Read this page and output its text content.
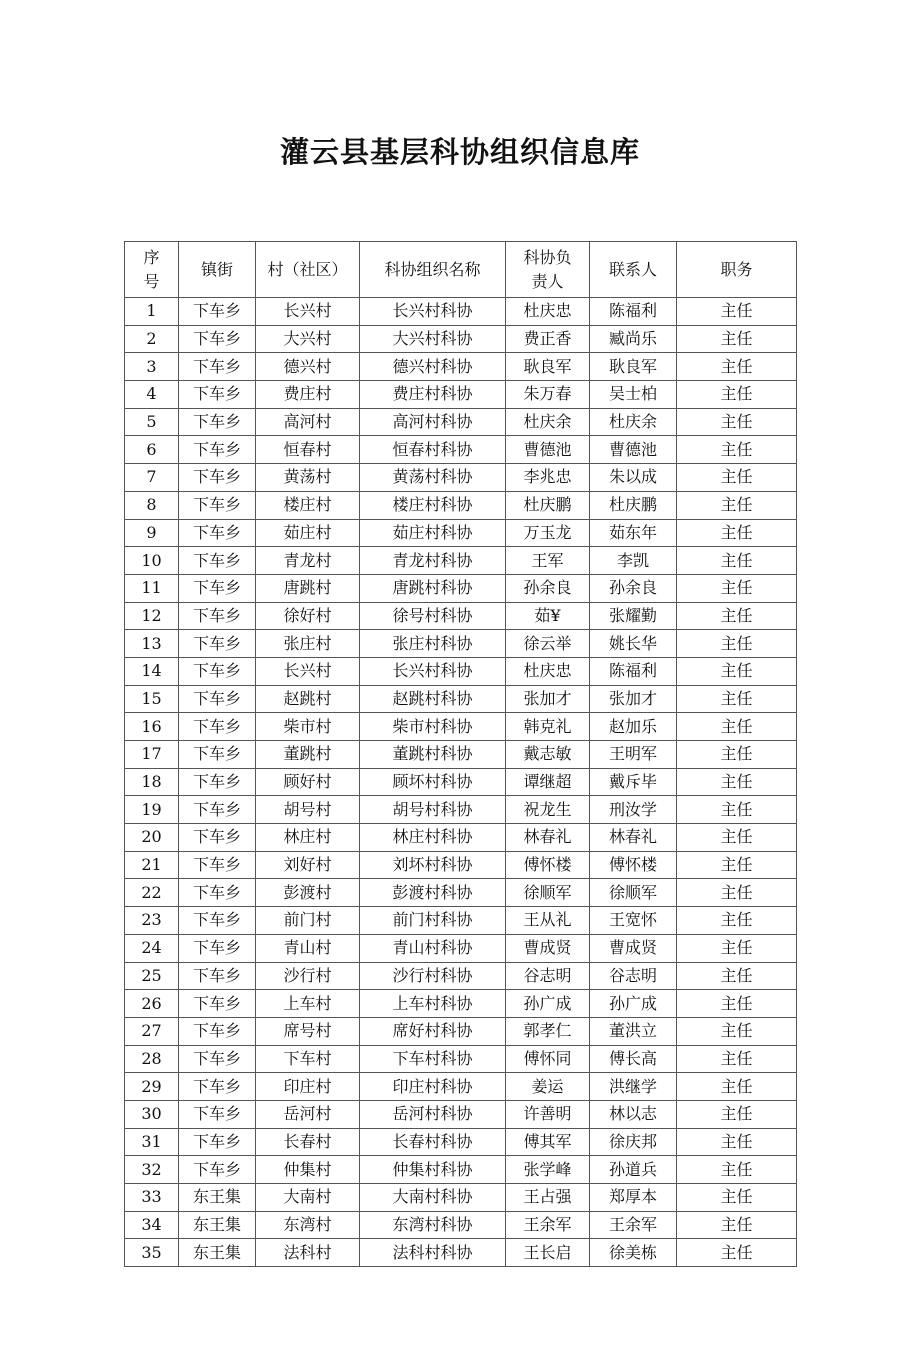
灌云县基层科协组织信息库
序号	镇街	村（社区）	科协组织名称	科协负责人	联系人	职务
1	下车乡	长兴村	长兴村科协	杜庆忠	陈福利	主任
2	下车乡	大兴村	大兴村科协	费正香	臧尚乐	主任
3	下车乡	德兴村	德兴村科协	耿良军	耿良军	主任
4	下车乡	费庄村	费庄村科协	朱万春	吴士柏	主任
5	下车乡	高河村	高河村科协	杜庆余	杜庆余	主任
6	下车乡	恒春村	恒春村科协	曹德池	曹德池	主任
7	下车乡	黄荡村	黄荡村科协	李兆忠	朱以成	主任
8	下车乡	楼庄村	楼庄村科协	杜庆鹏	杜庆鹏	主任
9	下车乡	茹庄村	茹庄村科协	万玉龙	茹东年	主任
10	下车乡	青龙村	青龙村科协	王军	李凯	主任
11	下车乡	唐跳村	唐跳村科协	孙余良	孙余良	主任
12	下车乡	徐好村	徐号村科协	茹¥	张耀勤	主任
13	下车乡	张庄村	张庄村科协	徐云举	姚长华	主任
14	下车乡	长兴村	长兴村科协	杜庆忠	陈福利	主任
15	下车乡	赵跳村	赵跳村科协	张加才	张加才	主任
16	下车乡	柴市村	柴市村科协	韩克礼	赵加乐	主任
17	下车乡	董跳村	董跳村科协	戴志敏	王明军	主任
18	下车乡	顾好村	顾坏村科协	谭继超	戴斥毕	主任
19	下车乡	胡号村	胡号村科协	祝龙生	刑汝学	主任
20	下车乡	林庄村	林庄村科协	林春礼	林春礼	主任
21	下车乡	刘好村	刘坏村科协	傅怀楼	傅怀楼	主任
22	下车乡	彭渡村	彭渡村科协	徐顺军	徐顺军	主任
23	下车乡	前门村	前门村科协	王从礼	王宽怀	主任
24	下车乡	青山村	青山村科协	曹成贤	曹成贤	主任
25	下车乡	沙行村	沙行村科协	谷志明	谷志明	主任
26	下车乡	上车村	上车村科协	孙广成	孙广成	主任
27	下车乡	席号村	席好村科协	郭孝仁	董洪立	主任
28	下车乡	下车村	下车村科协	傅怀同	傅长高	主任
29	下车乡	印庄村	印庄村科协	姜运	洪继学	主任
30	下车乡	岳河村	岳河村科协	许善明	林以志	主任
31	下车乡	长春村	长春村科协	傅其军	徐庆邦	主任
32	下车乡	仲集村	仲集村科协	张学峰	孙道兵	主任
33	东王集	大南村	大南村科协	王占强	郑厚本	主任
34	东王集	东湾村	东湾村科协	王余军	王余军	主任
35	东王集	法科村	法科村科协	王长启	徐美栋	主任
